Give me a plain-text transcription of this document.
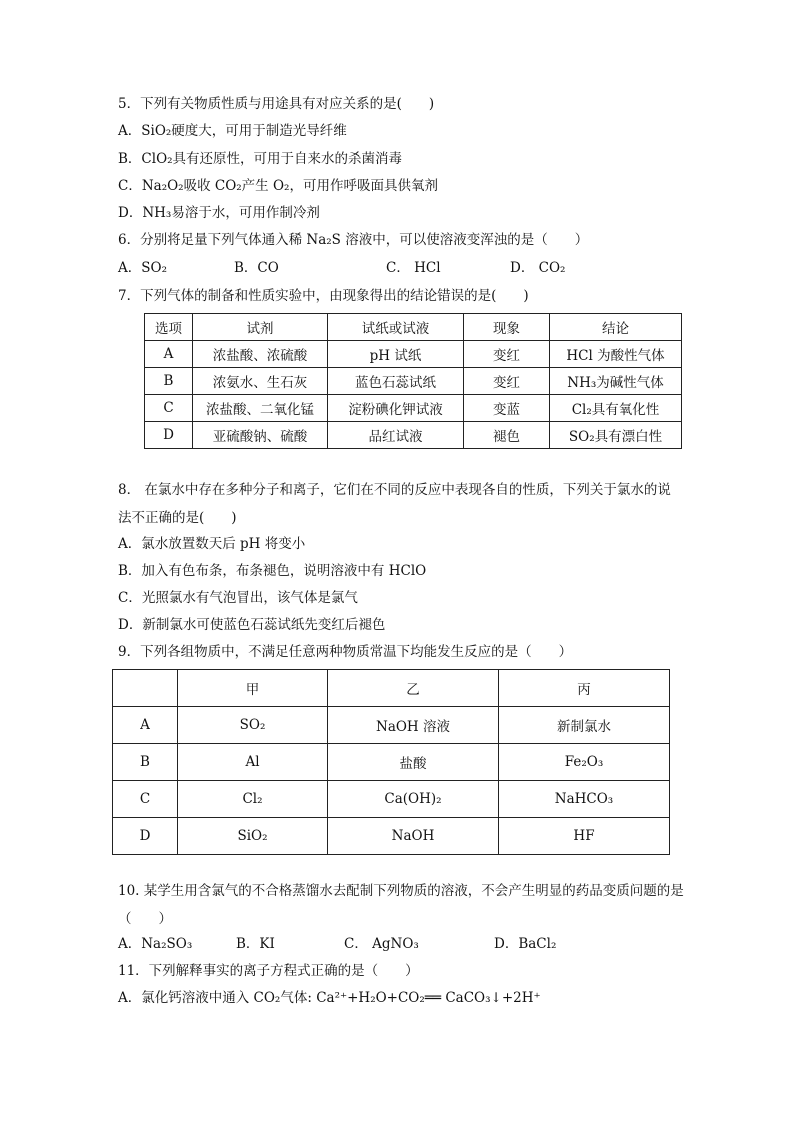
5．下列有关物质性质与用途具有对应关系的是(　　)
A．SiO₂硬度大，可用于制造光导纤维
B．ClO₂具有还原性，可用于自来水的杀菌消毒
C．Na₂O₂吸收 CO₂产生 O₂，可用作呼吸面具供氧剂
D．NH₃易溶于水，可用作制冷剂
6．分别将足量下列气体通入稀 Na₂S 溶液中，可以使溶液变浑浊的是（　　）
A．SO₂	B．CO	C． HCl	D． CO₂
7．下列气体的制备和性质实验中，由现象得出的结论错误的是(　　)
选项	试剂	试纸或试液	现象	结论
A	浓盐酸、浓硫酸	pH 试纸	变红	HCl 为酸性气体
B	浓氨水、生石灰	蓝色石蕊试纸	变红	NH₃为碱性气体
C	浓盐酸、二氧化锰	淀粉碘化钾试液	变蓝	Cl₂具有氧化性
D	亚硫酸钠、硫酸	品红试液	褪色	SO₂具有漂白性
8． 在氯水中存在多种分子和离子，它们在不同的反应中表现各自的性质，下列关于氯水的说法不正确的是(　　)
A．氯水放置数天后 pH 将变小
B．加入有色布条，布条褪色，说明溶液中有 HClO
C．光照氯水有气泡冒出，该气体是氯气
D．新制氯水可使蓝色石蕊试纸先变红后褪色
9．下列各组物质中，不满足任意两种物质常温下均能发生反应的是（　　）
	甲	乙	丙
A	SO₂	NaOH 溶液	新制氯水
B	Al	盐酸	Fe₂O₃
C	Cl₂	Ca(OH)₂	NaHCO₃
D	SiO₂	NaOH	HF
10. 某学生用含氯气的不合格蒸馏水去配制下列物质的溶液，不会产生明显的药品变质问题的是 （　　）
A．Na₂SO₃	B．KI	C． AgNO₃	D．BaCl₂
11．下列解释事实的离子方程式正确的是（　　）
A．氯化钙溶液中通入 CO₂气体: Ca²⁺+H₂O+CO₂══ CaCO₃↓+2H⁺
